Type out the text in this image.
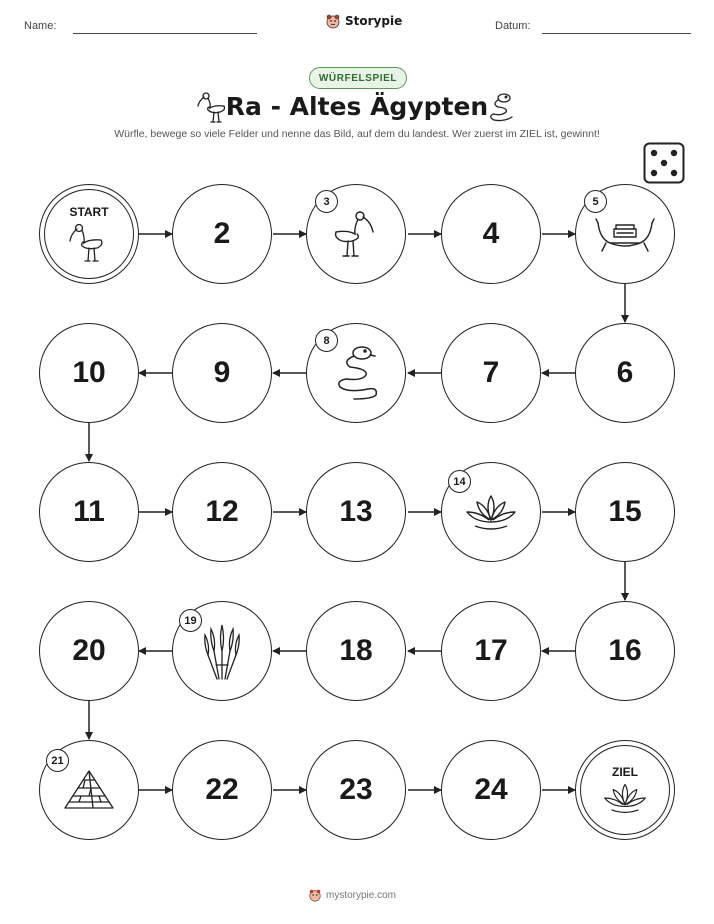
Name:	Storypie	Datum:
WÜRFELSPIEL
Ra - Altes Ägypten
Würfle, bewege so viele Felder und nenne das Bild, auf dem du landest. Wer zuerst im ZIEL ist, gewinnt!
START
2
3
4
5
10	9
8
7	6
11	12	13
14
15
20
19
18	17	16
21
22	23	24
ZIEL
mystorypie.com
